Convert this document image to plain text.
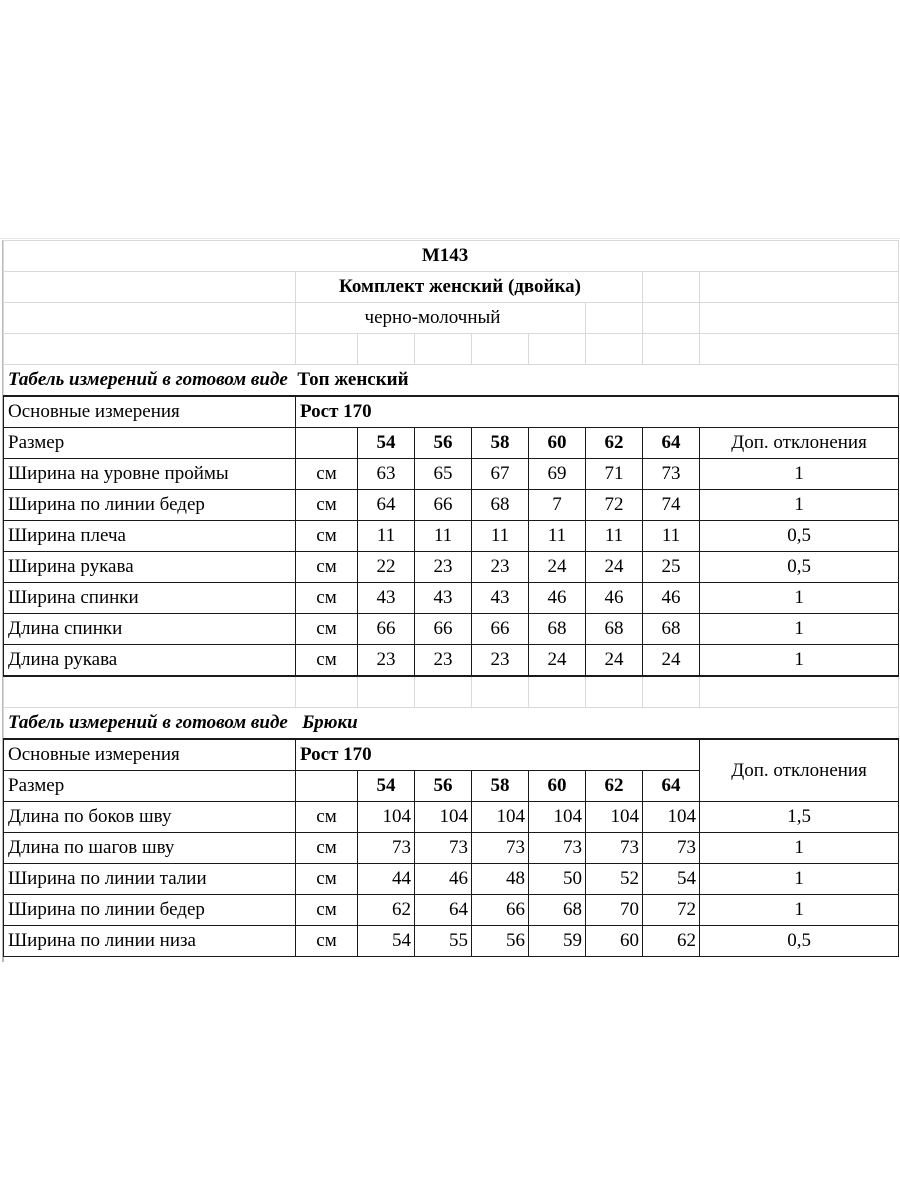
М143								
	Комплект женский (двойка)							
	черно-молочный							

Табель измерений в готовом виде Топ женский								
Основные измерения	Рост 170							
Размер		54	56	58	60	62	64	Доп. отклонения
Ширина на уровне проймы	см	63	65	67	69	71	73	1
Ширина по линии бедер	см	64	66	68	7	72	74	1
Ширина плеча	см	11	11	11	11	11	11	0,5
Ширина рукава	см	22	23	23	24	24	25	0,5
Ширина спинки	см	43	43	43	46	46	46	1
Длина спинки	см	66	66	66	68	68	68	1
Длина рукава	см	23	23	23	24	24	24	1

Табель измерений в готовом виде Брюки								
Основные измерения	Рост 170							Доп. отклонения
Размер		54	56	58	60	62	64	
Длина по боков шву	см	104	104	104	104	104	104	1,5
Длина по шагов шву	см	73	73	73	73	73	73	1
Ширина по линии талии	см	44	46	48	50	52	54	1
Ширина по линии бедер	см	62	64	66	68	70	72	1
Ширина по линии низа	см	54	55	56	59	60	62	0,5
